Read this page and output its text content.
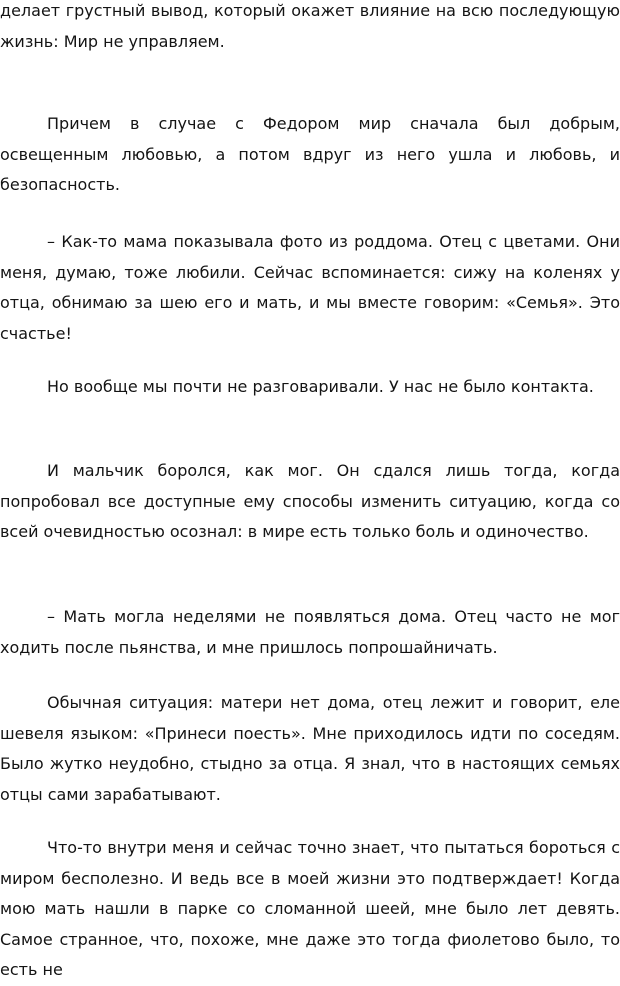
делает грустный вывод, который окажет влияние на всю последующую жизнь: Мир не управляем.

Причем в случае с Федором мир сначала был добрым, освещенным любовью, а потом вдруг из него ушла и любовь, и безопасность.

– Как-то мама показывала фото из роддома. Отец с цветами. Они меня, думаю, тоже любили. Сейчас вспоминается: сижу на коленях у отца, обнимаю за шею его и мать, и мы вместе говорим: «Семья». Это счастье!

Но вообще мы почти не разговаривали. У нас не было контакта.

И мальчик боролся, как мог. Он сдался лишь тогда, когда попробовал все доступные ему способы изменить ситуацию, когда со всей очевидностью осознал: в мире есть только боль и одиночество.

– Мать могла неделями не появляться дома. Отец часто не мог ходить после пьянства, и мне пришлось попрошайничать.

Обычная ситуация: матери нет дома, отец лежит и говорит, еле шевеля языком: «Принеси поесть». Мне приходилось идти по соседям. Было жутко неудобно, стыдно за отца. Я знал, что в настоящих семьях отцы сами зарабатывают.

Что-то внутри меня и сейчас точно знает, что пытаться бороться с миром бесполезно. И ведь все в моей жизни это подтверждает! Когда мою мать нашли в парке со сломанной шеей, мне было лет девять. Самое странное, что, похоже, мне даже это тогда фиолетово было, то есть не
